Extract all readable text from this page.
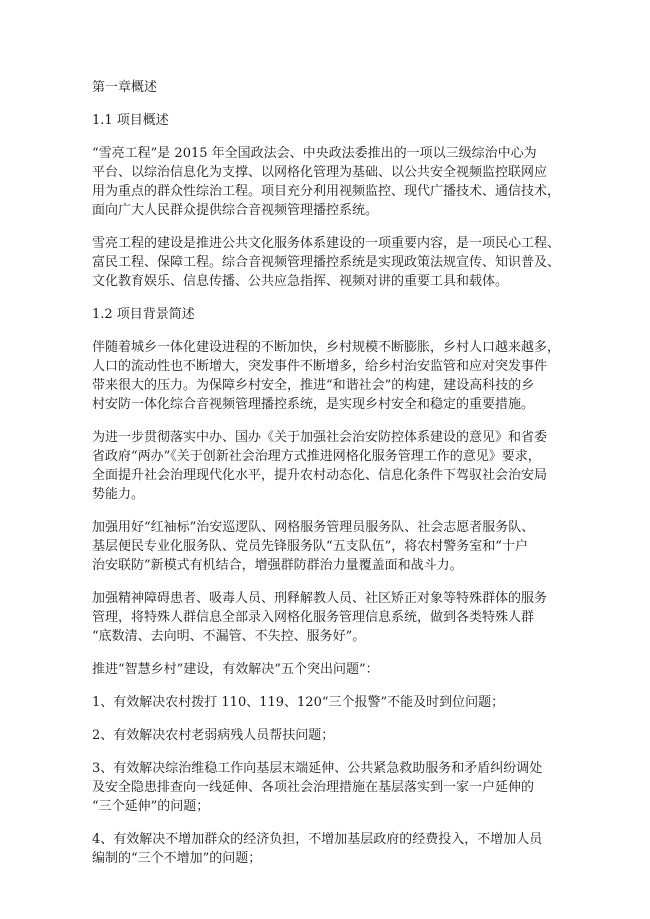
第一章概述

1.1 项目概述

“雪亮工程”是 2015 年全国政法会、中央政法委推出的一项以三级综治中心为
平台、以综治信息化为支撑、以网格化管理为基础、以公共安全视频监控联网应
用为重点的群众性综治工程。项目充分利用视频监控、现代广播技术、通信技术，
面向广大人民群众提供综合音视频管理播控系统。
雪亮工程的建设是推进公共文化服务体系建设的一项重要内容，是一项民心工程、
富民工程、保障工程。综合音视频管理播控系统是实现政策法规宣传、知识普及、
文化教育娱乐、信息传播、公共应急指挥、视频对讲的重要工具和载体。

1.2 项目背景简述

伴随着城乡一体化建设进程的不断加快，乡村规模不断膨胀，乡村人口越来越多，
人口的流动性也不断增大，突发事件不断增多，给乡村治安监管和应对突发事件
带来很大的压力。为保障乡村安全，推进“和谐社会”的构建，建设高科技的乡
村安防一体化综合音视频管理播控系统，是实现乡村安全和稳定的重要措施。
为进一步贯彻落实中办、国办《关于加强社会治安防控体系建设的意见》和省委
省政府“两办”《关于创新社会治理方式推进网格化服务管理工作的意见》要求，
全面提升社会治理现代化水平，提升农村动态化、信息化条件下驾驭社会治安局
势能力。
加强用好“红袖标”治安巡逻队、网格服务管理员服务队、社会志愿者服务队、
基层便民专业化服务队、党员先锋服务队“五支队伍”，将农村警务室和“十户
治安联防”新模式有机结合，增强群防群治力量覆盖面和战斗力。
加强精神障碍患者、吸毒人员、刑释解教人员、社区矫正对象等特殊群体的服务
管理，将特殊人群信息全部录入网格化服务管理信息系统，做到各类特殊人群
“底数清、去向明、不漏管、不失控、服务好”。
推进“智慧乡村”建设，有效解决“五个突出问题”：
1、有效解决农村拨打 110、119、120“三个报警”不能及时到位问题；
2、有效解决农村老弱病残人员帮扶问题；
3、有效解决综治维稳工作向基层末端延伸、公共紧急救助服务和矛盾纠纷调处
及安全隐患排查向一线延伸、各项社会治理措施在基层落实到一家一户延伸的
“三个延伸”的问题；
4、有效解决不增加群众的经济负担，不增加基层政府的经费投入，不增加人员
编制的“三个不增加”的问题；
